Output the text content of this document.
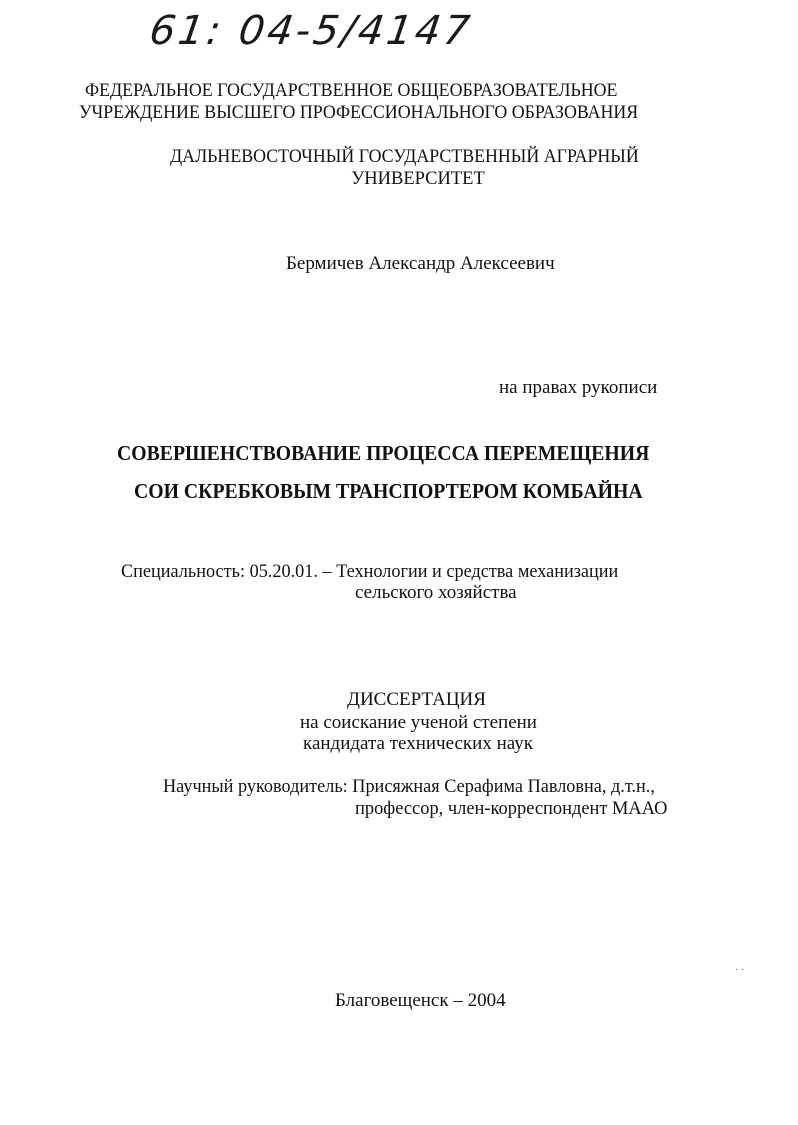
61: 04-5/4147
ФЕДЕРАЛЬНОЕ ГОСУДАРСТВЕННОЕ ОБЩЕОБРАЗОВАТЕЛЬНОЕ
УЧРЕЖДЕНИЕ ВЫСШЕГО ПРОФЕССИОНАЛЬНОГО ОБРАЗОВАНИЯ
ДАЛЬНЕВОСТОЧНЫЙ ГОСУДАРСТВЕННЫЙ АГРАРНЫЙ
УНИВЕРСИТЕТ
Бермичев Александр Алексеевич
на правах рукописи
СОВЕРШЕНСТВОВАНИЕ ПРОЦЕССА ПЕРЕМЕЩЕНИЯ
СОИ СКРЕБКОВЫМ ТРАНСПОРТЕРОМ КОМБАЙНА
Специальность: 05.20.01. – Технологии и средства механизации
сельского хозяйства
ДИССЕРТАЦИЯ
на соискание ученой степени
кандидата технических наук
Научный руководитель: Присяжная Серафима Павловна, д.т.н.,
профессор, член-корреспондент МААО
Благовещенск – 2004
· ·
